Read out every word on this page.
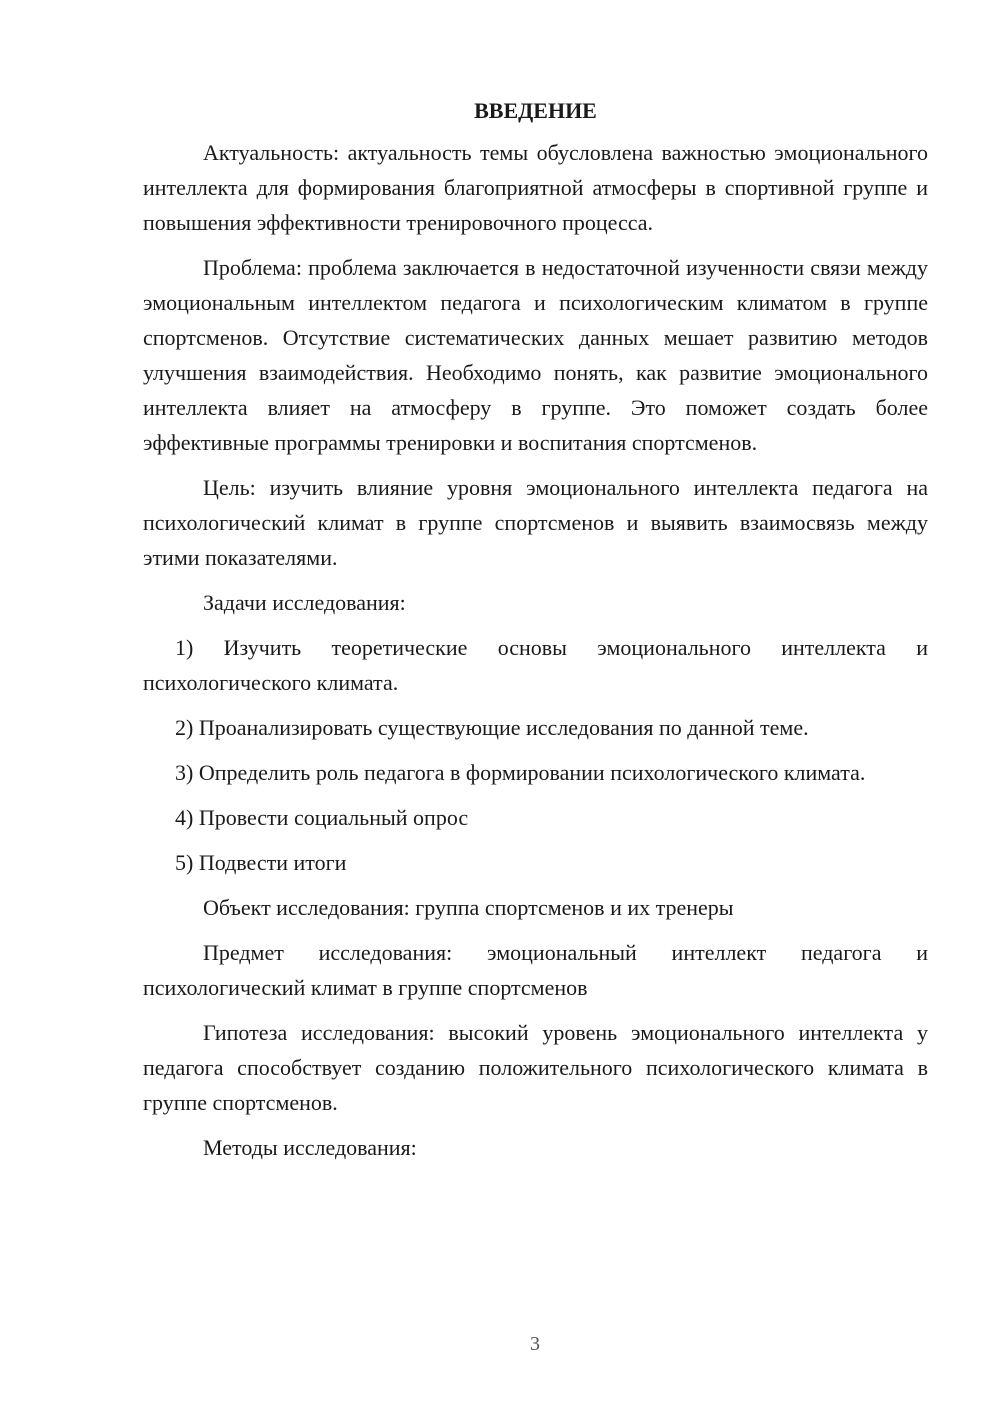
ВВЕДЕНИЕ

Актуальность: актуальность темы обусловлена важностью эмоционального интеллекта для формирования благоприятной атмосферы в спортивной группе и повышения эффективности тренировочного процесса.

Проблема: проблема заключается в недостаточной изученности связи между эмоциональным интеллектом педагога и психологическим климатом в группе спортсменов. Отсутствие систематических данных мешает развитию методов улучшения взаимодействия. Необходимо понять, как развитие эмоционального интеллекта влияет на атмосферу в группе. Это поможет создать более эффективные программы тренировки и воспитания спортсменов.

Цель: изучить влияние уровня эмоционального интеллекта педагога на психологический климат в группе спортсменов и выявить взаимосвязь между этими показателями.

Задачи исследования:

1) Изучить теоретические основы эмоционального интеллекта и психологического климата.

2) Проанализировать существующие исследования по данной теме.

3) Определить роль педагога в формировании психологического климата.

4) Провести социальный опрос

5) Подвести итоги

Объект исследования: группа спортсменов и их тренеры

Предмет исследования: эмоциональный интеллект педагога и психологический климат в группе спортсменов

Гипотеза исследования: высокий уровень эмоционального интеллекта у педагога способствует созданию положительного психологического климата в группе спортсменов.

Методы исследования:

3
